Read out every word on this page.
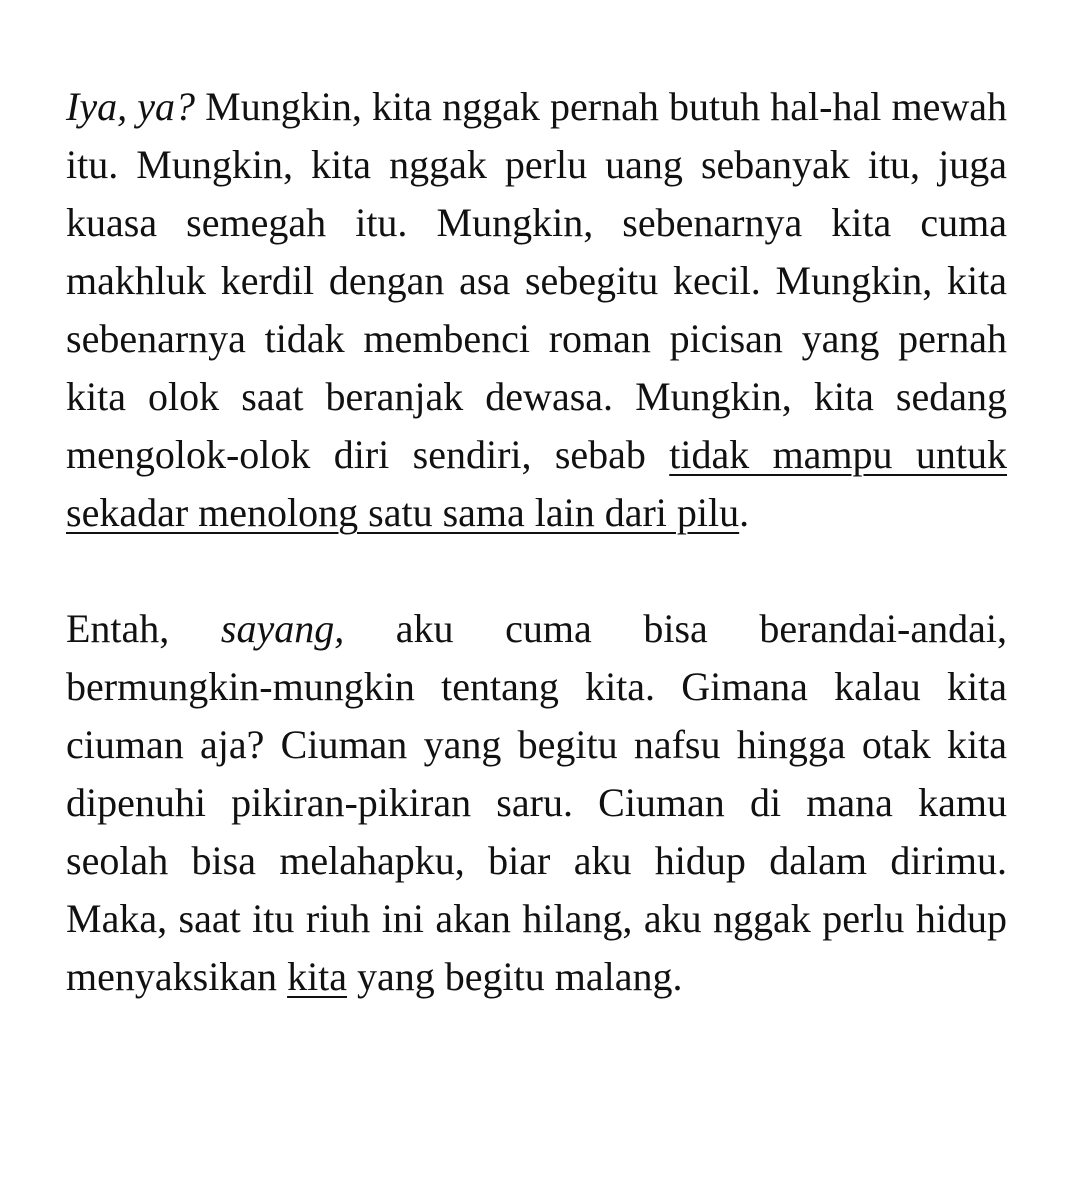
Iya, ya? Mungkin, kita nggak pernah butuh hal-hal mewah itu. Mungkin, kita nggak perlu uang sebanyak itu, juga kuasa semegah itu. Mungkin, sebenarnya kita cuma makhluk kerdil dengan asa sebegitu kecil. Mungkin, kita sebenarnya tidak membenci roman picisan yang pernah kita olok saat beranjak dewasa. Mungkin, kita sedang mengolok-olok diri sendiri, sebab tidak mampu untuk sekadar menolong satu sama lain dari pilu.

Entah, sayang, aku cuma bisa berandai-andai, bermungkin-mungkin tentang kita. Gimana kalau kita ciuman aja? Ciuman yang begitu nafsu hingga otak kita dipenuhi pikiran-pikiran saru. Ciuman di mana kamu seolah bisa melahapku, biar aku hidup dalam dirimu. Maka, saat itu riuh ini akan hilang, aku nggak perlu hidup menyaksikan kita yang begitu malang.
